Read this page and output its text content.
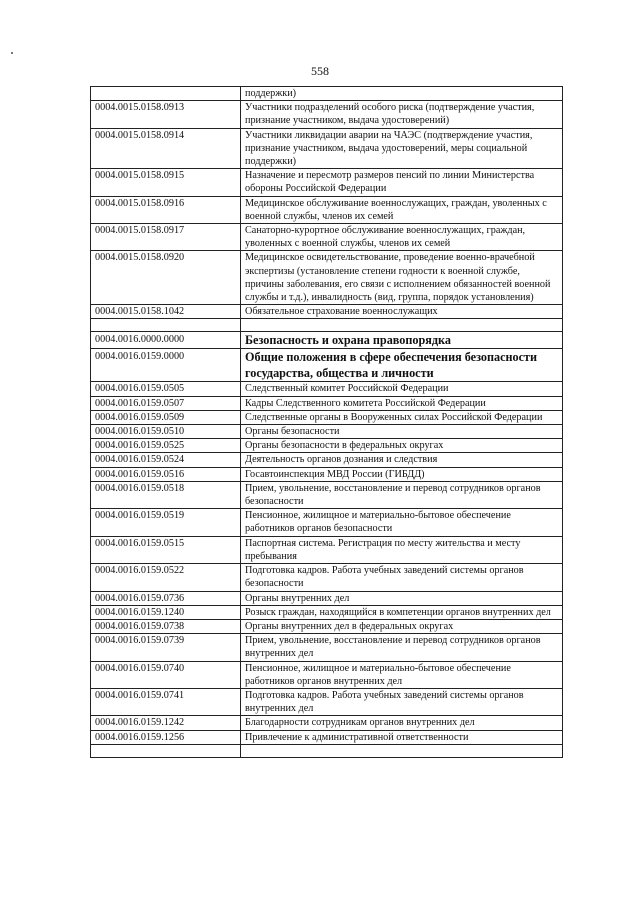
558
	поддержки)
0004.0015.0158.0913	Участники подразделений особого риска (подтверждение участия, признание участником, выдача удостоверений)
0004.0015.0158.0914	Участники ликвидации аварии на ЧАЭС (подтверждение участия, признание участником, выдача удостоверений, меры социальной поддержки)
0004.0015.0158.0915	Назначение и пересмотр размеров пенсий по линии Министерства обороны Российской Федерации
0004.0015.0158.0916	Медицинское обслуживание военнослужащих, граждан, уволенных с военной службы, членов их семей
0004.0015.0158.0917	Санаторно-курортное обслуживание военнослужащих, граждан, уволенных с военной службы, членов их семей
0004.0015.0158.0920	Медицинское освидетельствование, проведение военно-врачебной экспертизы (установление степени годности к военной службе, причины заболевания, его связи с исполнением обязанностей военной службы и т.д.), инвалидность (вид, группа, порядок установления)
0004.0015.0158.1042	Обязательное страхование военнослужащих

0004.0016.0000.0000	Безопасность и охрана правопорядка
0004.0016.0159.0000	Общие положения в сфере обеспечения безопасности государства, общества и личности
0004.0016.0159.0505	Следственный комитет Российской Федерации
0004.0016.0159.0507	Кадры Следственного комитета Российской Федерации
0004.0016.0159.0509	Следственные органы в Вооруженных силах Российской Федерации
0004.0016.0159.0510	Органы безопасности
0004.0016.0159.0525	Органы безопасности в федеральных округах
0004.0016.0159.0524	Деятельность органов дознания и следствия
0004.0016.0159.0516	Госавтоинспекция МВД России (ГИБДД)
0004.0016.0159.0518	Прием, увольнение, восстановление и перевод сотрудников органов безопасности
0004.0016.0159.0519	Пенсионное, жилищное и материально-бытовое обеспечение работников органов безопасности
0004.0016.0159.0515	Паспортная система. Регистрация по месту жительства и месту пребывания
0004.0016.0159.0522	Подготовка кадров. Работа учебных заведений системы органов безопасности
0004.0016.0159.0736	Органы внутренних дел
0004.0016.0159.1240	Розыск граждан, находящийся в компетенции органов внутренних дел
0004.0016.0159.0738	Органы внутренних дел в федеральных округах
0004.0016.0159.0739	Прием, увольнение, восстановление и перевод сотрудников органов внутренних дел
0004.0016.0159.0740	Пенсионное, жилищное и материально-бытовое обеспечение работников органов внутренних дел
0004.0016.0159.0741	Подготовка кадров. Работа учебных заведений системы органов внутренних дел
0004.0016.0159.1242	Благодарности сотрудникам органов внутренних дел
0004.0016.0159.1256	Привлечение к административной ответственности
